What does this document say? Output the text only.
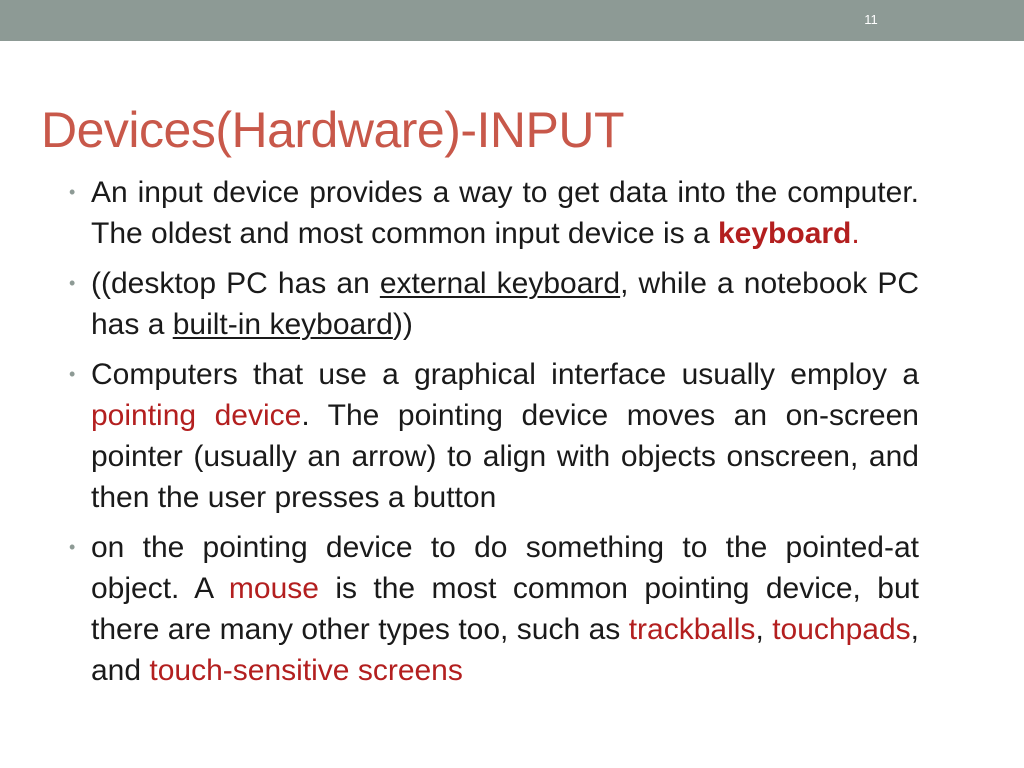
11
Devices(Hardware)-INPUT
• An input device provides a way to get data into the computer. The oldest and most common input device is a keyboard.
• ((desktop PC has an external keyboard, while a notebook PC has a built-in keyboard))
• Computers that use a graphical interface usually employ a pointing device. The pointing device moves an on-screen pointer (usually an arrow) to align with objects onscreen, and then the user presses a button
• on the pointing device to do something to the pointed-at object. A mouse is the most common pointing device, but there are many other types too, such as trackballs, touchpads, and touch-sensitive screens
